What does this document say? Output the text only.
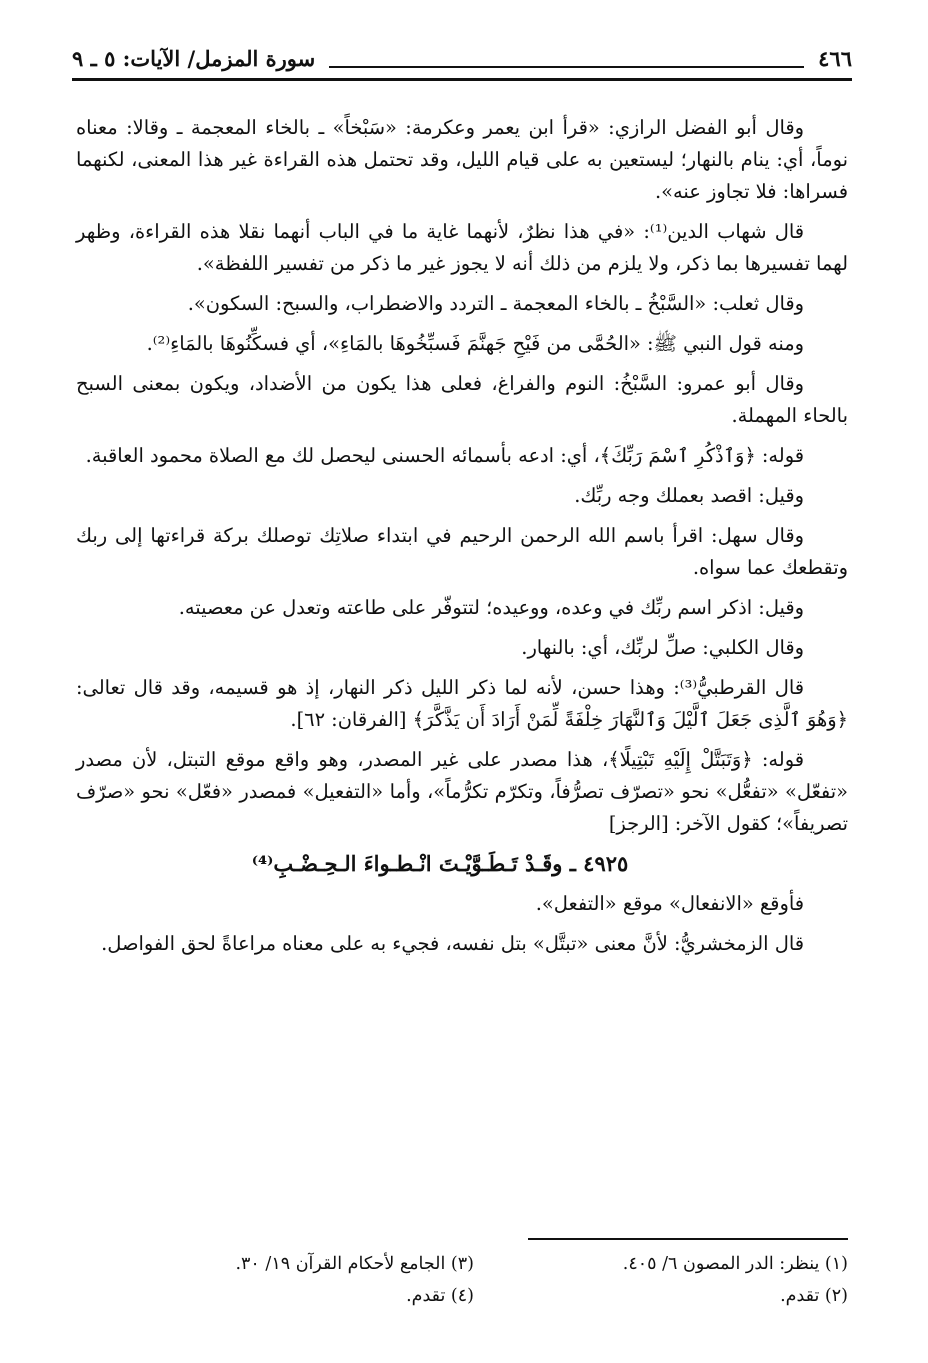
٤٦٦
سورة المزمل/ الآيات: ٥ ـ ٩

وقال أبو الفضل الرازي: «قرأ ابن يعمر وعكرمة: «سَبْخاً» ـ بالخاء المعجمة ـ وقالا: معناه نوماً، أي: ينام بالنهار؛ ليستعين به على قيام الليل، وقد تحتمل هذه القراءة غير هذا المعنى، لكنهما فسراها: فلا تجاوز عنه».

قال شهاب الدين⁽¹⁾: «في هذا نظرٌ، لأنهما غاية ما في الباب أنهما نقلا هذه القراءة، وظهر لهما تفسيرها بما ذكر، ولا يلزم من ذلك أنه لا يجوز غير ما ذكر من تفسير اللفظة».

وقال ثعلب: «السَّبْخُ ـ بالخاء المعجمة ـ التردد والاضطراب، والسبح: السكون».

ومنه قول النبي ﷺ: «الحُمَّى من فَيْحِ جَهنَّمَ فَسبِّخُوهَا بالمَاءِ»، أي فسكِّنُوهَا بالمَاءِ⁽²⁾.

وقال أبو عمرو: السَّبْخُ: النوم والفراغ، فعلى هذا يكون من الأضداد، ويكون بمعنى السبح بالحاء المهملة.

قوله: ﴿وَٱذْكُرِ ٱسْمَ رَبِّكَ﴾، أي: ادعه بأسمائه الحسنى ليحصل لك مع الصلاة محمود العاقبة.

وقيل: اقصد بعملك وجه ربِّك.

وقال سهل: اقرأ باسم الله الرحمن الرحيم في ابتداء صلاتِك توصلك بركة قراءتها إلى ربك وتقطعك عما سواه.

وقيل: اذكر اسم ربِّك في وعده، ووعيده؛ لتتوفّر على طاعته وتعدل عن معصيته.

وقال الكلبي: صلِّ لربِّك، أي: بالنهار.

قال القرطبيُّ⁽³⁾: وهذا حسن، لأنه لما ذكر الليل ذكر النهار، إذ هو قسيمه، وقد قال تعالى: ﴿وَهُوَ ٱلَّذِى جَعَلَ ٱلَّيْلَ وَٱلنَّهَارَ خِلْفَةً لِّمَنْ أَرَادَ أَن يَذَّكَّرَ﴾ [الفرقان: ٦٢].

قوله: ﴿وَتَبَتَّلْ إِلَيْهِ تَبْتِيلًا﴾، هذا مصدر على غير المصدر، وهو واقع موقع التبتل، لأن مصدر «تفعّل» «تفعُّل» نحو «تصرّف تصرُّفاً، وتكرّم تكرُّماً»، وأما «التفعيل» فمصدر «فعّل» نحو «صرّف تصريفاً»؛ كقول الآخر: [الرجز]

٤٩٢٥ ـ وقَـدْ تَـطَـوَّيْـتَ انْـطـواءَ الـحِـضْـبِ⁽⁴⁾

فأوقع «الانفعال» موقع «التفعل».

قال الزمخشريُّ: لأنَّ معنى «تبتَّل» بتل نفسه، فجيء به على معناه مراعاةً لحق الفواصل.

(١) ينظر: الدر المصون ٦/ ٤٠٥.
(٣) الجامع لأحكام القرآن ١٩/ ٣٠.
(٢) تقدم.
(٤) تقدم.
